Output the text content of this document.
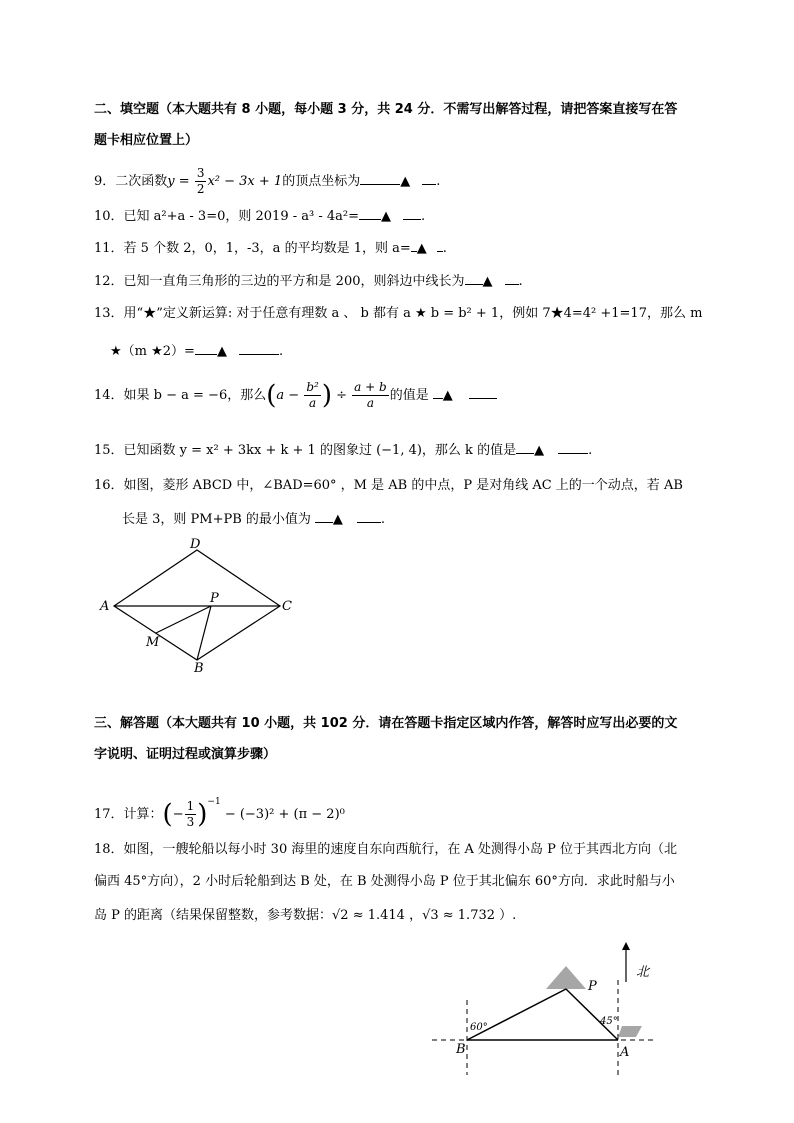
二、填空题（本大题共有 8 小题，每小题 3 分，共 24 分．不需写出解答过程，请把答案直接写在答
题卡相应位置上）
9．二次函数$y = \frac{3}{2} x^2 - 3x + 1$的顶点坐标为	▲ .
10．已知 a²+a - 3=0，则 2019 - a³ - 4a²= ▲ .
11．若 5 个数 2，0，1，-3，a 的平均数是 1，则 a= ▲ .
12．已知一直角三角形的三边的平方和是 200，则斜边中线长为 ▲ .
13．用“★”定义新运算: 对于任意有理数 a 、 b 都有 a ★ b = b² + 1，例如 7★4=4² +1=17，那么 m
★（m ★2）= ▲	.
14．如果 b − a = −6，那么($a - \frac{\text{b²}}{a}$ ) ÷ $\frac{a + b}{a}$ 的值是 ▲
15．已知函数 y = x² + 3kx + k + 1 的图象过 (−1, 4)，那么 k 的值是 ▲	.
16．如图，菱形 ABCD 中，∠BAD=60° ，M 是 AB 的中点，P 是对角线 AC 上的一个动点，若 AB
长是 3，则 PM+PB 的最小值为 ▲	.
D
A	C
P
M
B
三、解答题（本大题共有 10 小题，共 102 分．请在答题卡指定区域内作答，解答时应写出必要的文
字说明、证明过程或演算步骤）
17．计算：(− $\frac{1}{3} )^{-1} - (-3)^2 + (\pi - 2)^0$
18．如图，一艘轮船以每小时 30 海里的速度自东向西航行，在 A 处测得小岛 P 位于其西北方向（北
偏西 45°方向），2 小时后轮船到达 B 处，在 B 处测得小岛 P 位于其北偏东 60°方向．求此时船与小
岛 P 的距离（结果保留整数，参考数据：√2 ≈ 1.414 ，√3 ≈ 1.732 ）.
北
P
60°
45°
B	A
